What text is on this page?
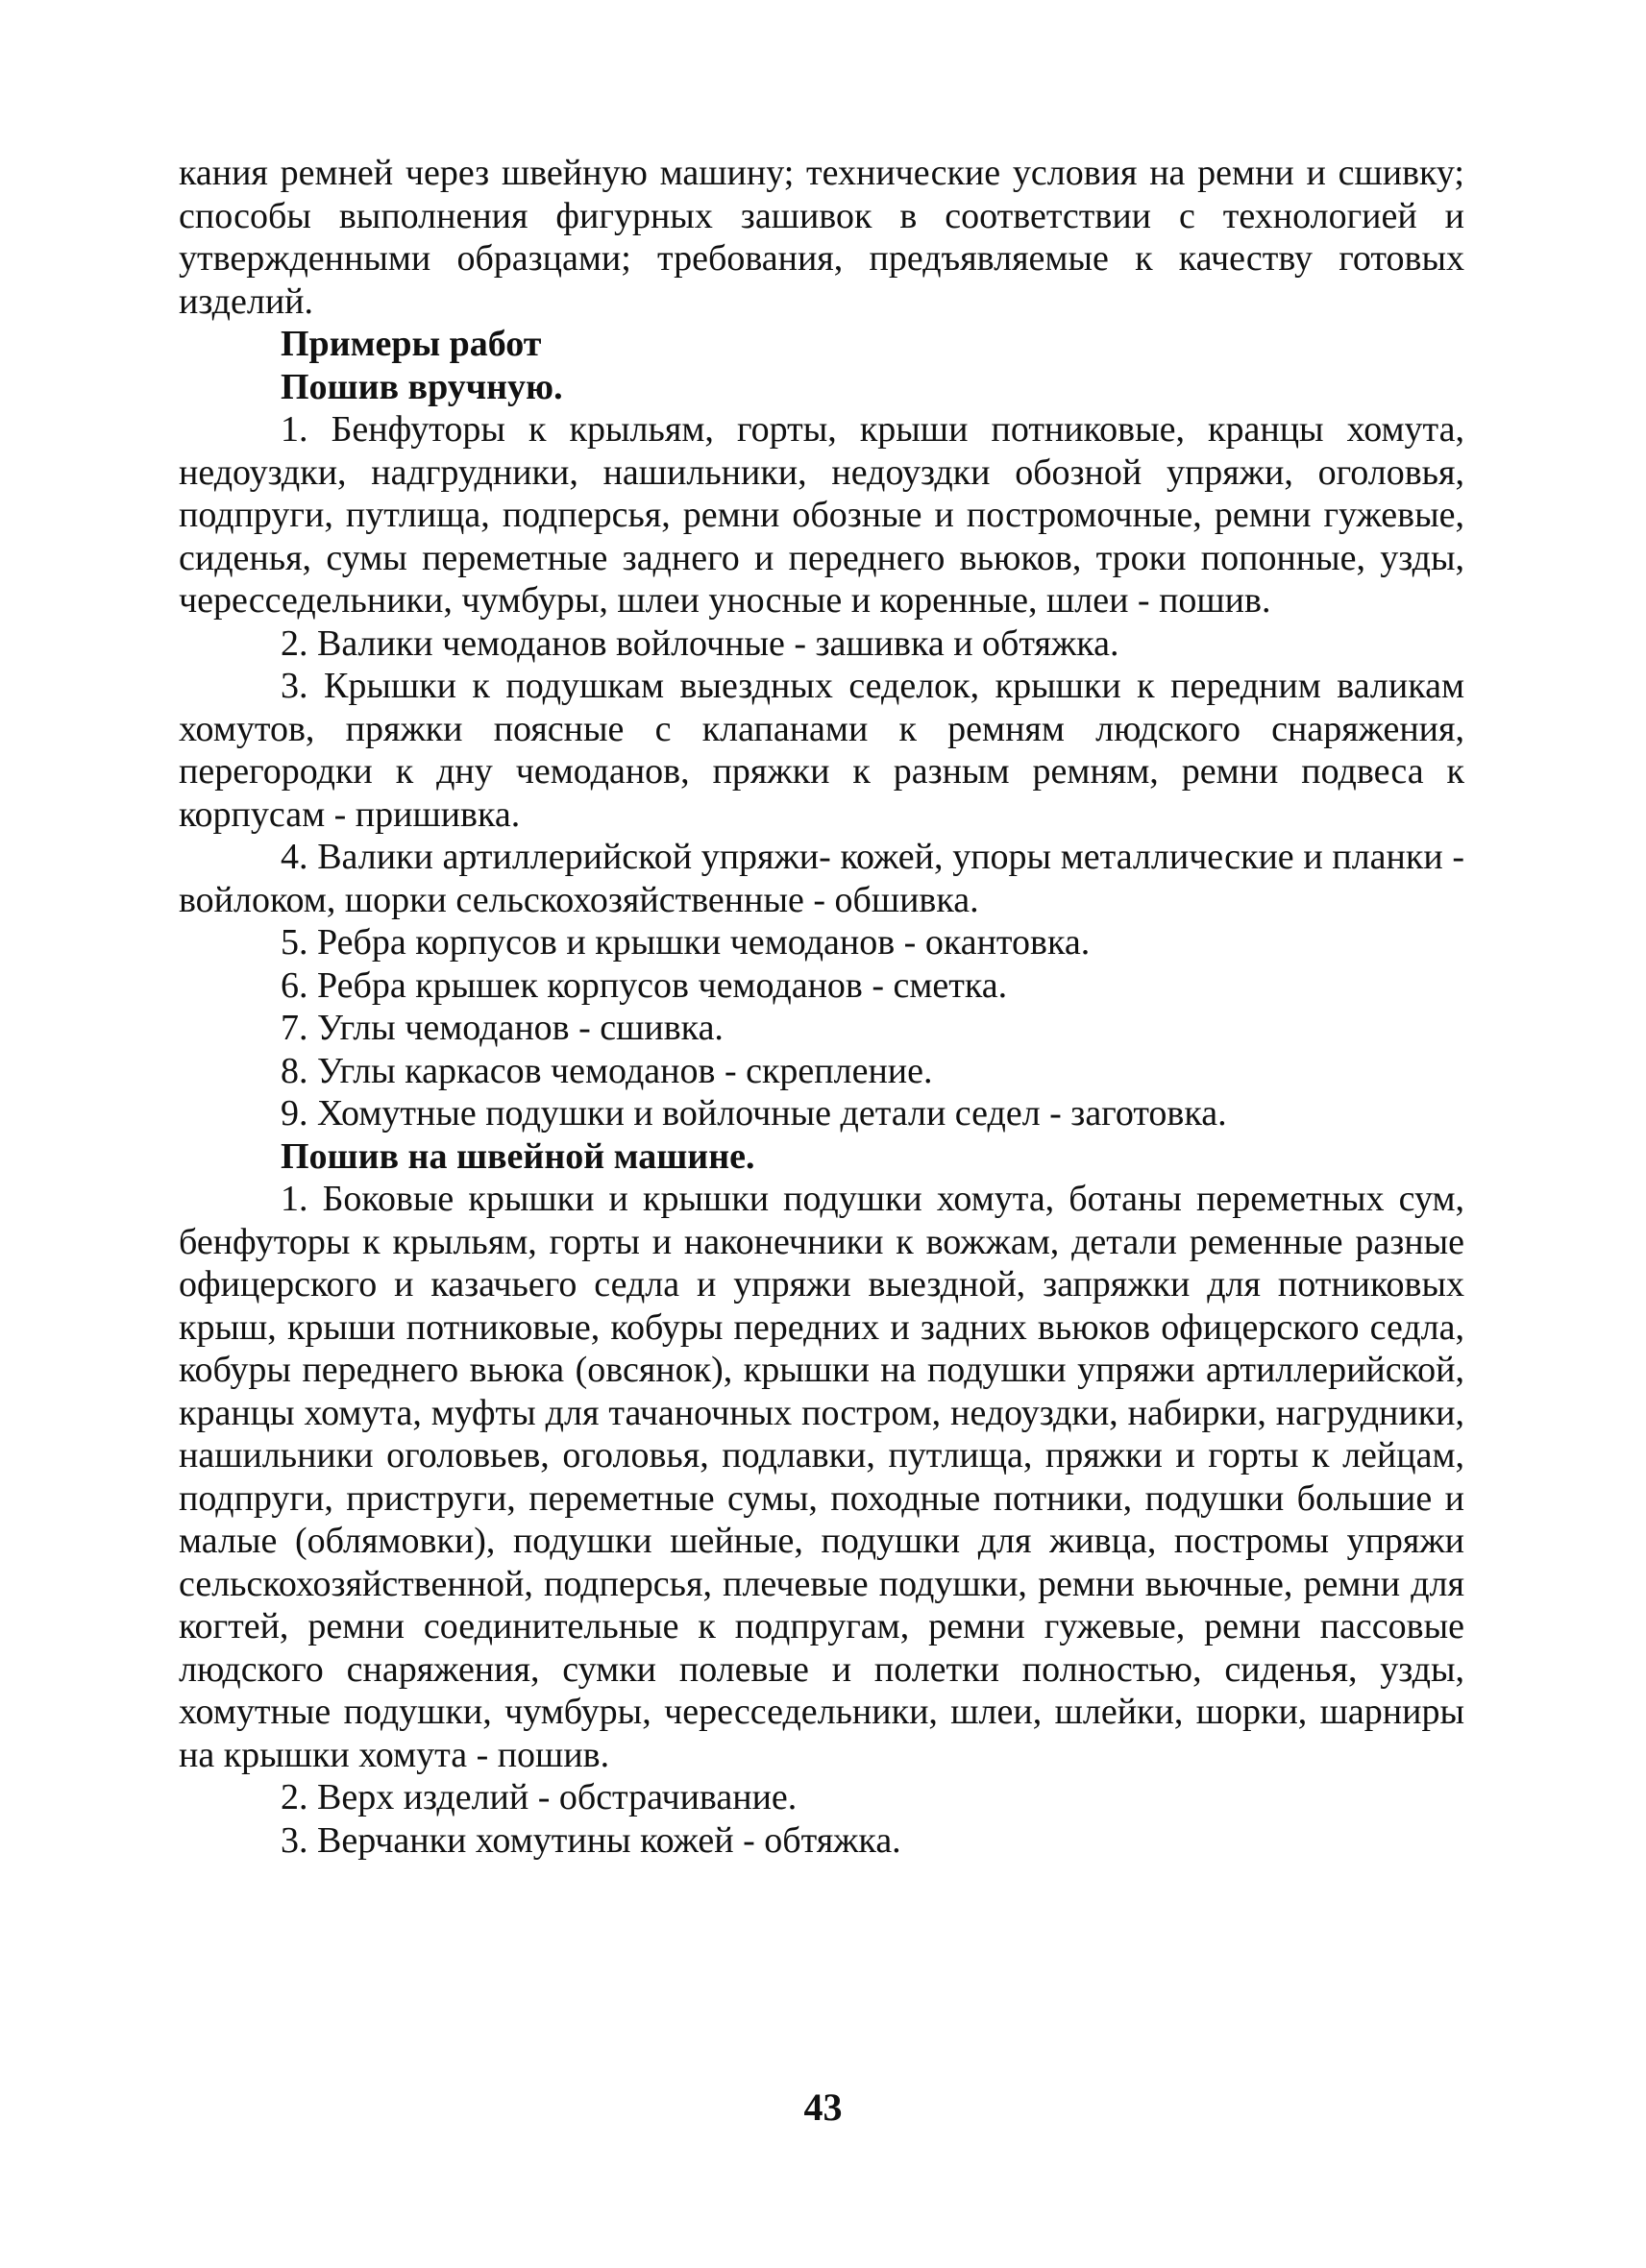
кания ремней через швейную машину; технические условия на ремни и сшивку; способы выполнения фигурных зашивок в соответствии с технологией и утвержденными образцами; требования, предъявляемые к качеству готовых изделий.

Примеры работ

Пошив вручную.

1. Бенфуторы к крыльям, горты, крыши потниковые, кранцы хомута, недоуздки, надгрудники, нашильники, недоуздки обозной упряжи, оголовья, подпруги, путлища, подперсья, ремни обозные и постромочные, ремни гужевые, сиденья, сумы переметные заднего и переднего вьюков, троки попонные, узды, чересседельники, чумбуры, шлеи уносные и коренные, шлеи - пошив.

2. Валики чемоданов войлочные - зашивка и обтяжка.

3. Крышки к подушкам выездных седелок, крышки к передним валикам хомутов, пряжки поясные с клапанами к ремням людского снаряжения, перегородки к дну чемоданов, пряжки к разным ремням, ремни подвеса к корпусам - пришивка.

4. Валики артиллерийской упряжи- кожей, упоры металлические и планки - войлоком, шорки сельскохозяйственные - обшивка.

5. Ребра корпусов и крышки чемоданов - окантовка.

6. Ребра крышек корпусов чемоданов - сметка.

7. Углы чемоданов - сшивка.

8. Углы каркасов чемоданов - скрепление.

9. Хомутные подушки и войлочные детали седел - заготовка.

Пошив на швейной машине.

1. Боковые крышки и крышки подушки хомута, ботаны переметных сум, бенфуторы к крыльям, горты и наконечники к вожжам, детали ременные разные офицерского и казачьего седла и упряжи выездной, запряжки для потниковых крыш, крыши потниковые, кобуры передних и задних вьюков офицерского седла, кобуры переднего вьюка (овсянок), крышки на подушки упряжи артиллерийской, кранцы хомута, муфты для тачаночных постром, недоуздки, набирки, нагрудники, нашильники оголовьев, оголовья, подлавки, путлища, пряжки и горты к лейцам, подпруги, приструги, переметные сумы, походные потники, подушки большие и малые (облямовки), подушки шейные, подушки для живца, постромы упряжи сельскохозяйственной, подперсья, плечевые подушки, ремни вьючные, ремни для когтей, ремни соединительные к подпругам, ремни гужевые, ремни пассовые людского снаряжения, сумки полевые и полетки полностью, сиденья, узды, хомутные подушки, чумбуры, чересседельники, шлеи, шлейки, шорки, шарниры на крышки хомута - пошив.

2. Верх изделий - обстрачивание.

3. Верчанки хомутины кожей - обтяжка.

43
